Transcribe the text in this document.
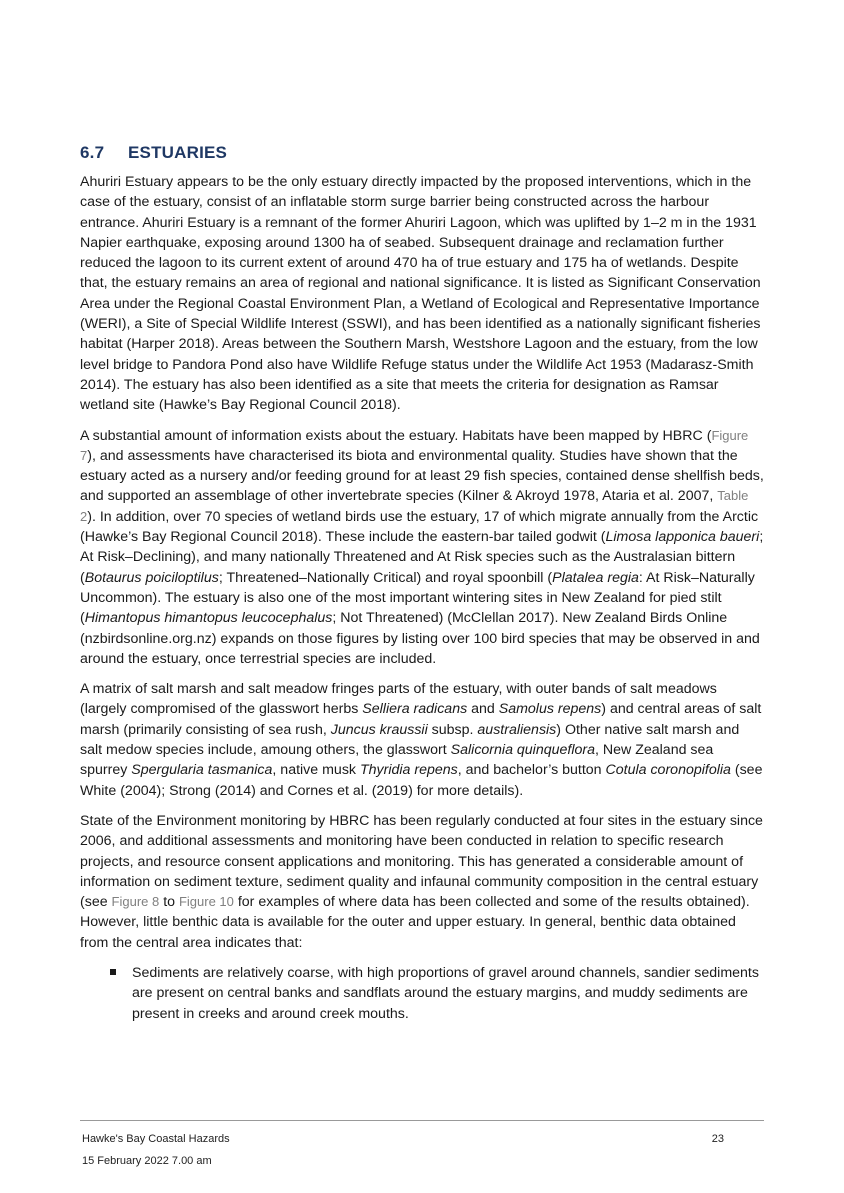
6.7 ESTUARIES

Ahuriri Estuary appears to be the only estuary directly impacted by the proposed interventions, which in the case of the estuary, consist of an inflatable storm surge barrier being constructed across the harbour entrance. Ahuriri Estuary is a remnant of the former Ahuriri Lagoon, which was uplifted by 1–2 m in the 1931 Napier earthquake, exposing around 1300 ha of seabed. Subsequent drainage and reclamation further reduced the lagoon to its current extent of around 470 ha of true estuary and 175 ha of wetlands. Despite that, the estuary remains an area of regional and national significance. It is listed as Significant Conservation Area under the Regional Coastal Environment Plan, a Wetland of Ecological and Representative Importance (WERI), a Site of Special Wildlife Interest (SSWI), and has been identified as a nationally significant fisheries habitat (Harper 2018). Areas between the Southern Marsh, Westshore Lagoon and the estuary, from the low level bridge to Pandora Pond also have Wildlife Refuge status under the Wildlife Act 1953 (Madarasz-Smith 2014). The estuary has also been identified as a site that meets the criteria for designation as Ramsar wetland site (Hawke’s Bay Regional Council 2018).

A substantial amount of information exists about the estuary. Habitats have been mapped by HBRC (Figure 7), and assessments have characterised its biota and environmental quality. Studies have shown that the estuary acted as a nursery and/or feeding ground for at least 29 fish species, contained dense shellfish beds, and supported an assemblage of other invertebrate species (Kilner & Akroyd 1978, Ataria et al. 2007, Table 2). In addition, over 70 species of wetland birds use the estuary, 17 of which migrate annually from the Arctic (Hawke’s Bay Regional Council 2018). These include the eastern-bar tailed godwit (Limosa lapponica baueri; At Risk–Declining), and many nationally Threatened and At Risk species such as the Australasian bittern (Botaurus poiciloptilus; Threatened–Nationally Critical) and royal spoonbill (Platalea regia: At Risk–Naturally Uncommon). The estuary is also one of the most important wintering sites in New Zealand for pied stilt (Himantopus himantopus leucocephalus; Not Threatened) (McClellan 2017). New Zealand Birds Online (nzbirdsonline.org.nz) expands on those figures by listing over 100 bird species that may be observed in and around the estuary, once terrestrial species are included.

A matrix of salt marsh and salt meadow fringes parts of the estuary, with outer bands of salt meadows (largely compromised of the glasswort herbs Selliera radicans and Samolus repens) and central areas of salt marsh (primarily consisting of sea rush, Juncus kraussii subsp. australiensis) Other native salt marsh and salt medow species include, amoung others, the glasswort Salicornia quinqueflora, New Zealand sea spurrey Spergularia tasmanica, native musk Thyridia repens, and bachelor’s button Cotula coronopifolia (see White (2004); Strong (2014) and Cornes et al. (2019) for more details).

State of the Environment monitoring by HBRC has been regularly conducted at four sites in the estuary since 2006, and additional assessments and monitoring have been conducted in relation to specific research projects, and resource consent applications and monitoring. This has generated a considerable amount of information on sediment texture, sediment quality and infaunal community composition in the central estuary (see Figure 8 to Figure 10 for examples of where data has been collected and some of the results obtained). However, little benthic data is available for the outer and upper estuary. In general, benthic data obtained from the central area indicates that:

Sediments are relatively coarse, with high proportions of gravel around channels, sandier sediments are present on central banks and sandflats around the estuary margins, and muddy sediments are present in creeks and around creek mouths.
Hawke's Bay Coastal Hazards
15 February 2022 7.00 am
23
